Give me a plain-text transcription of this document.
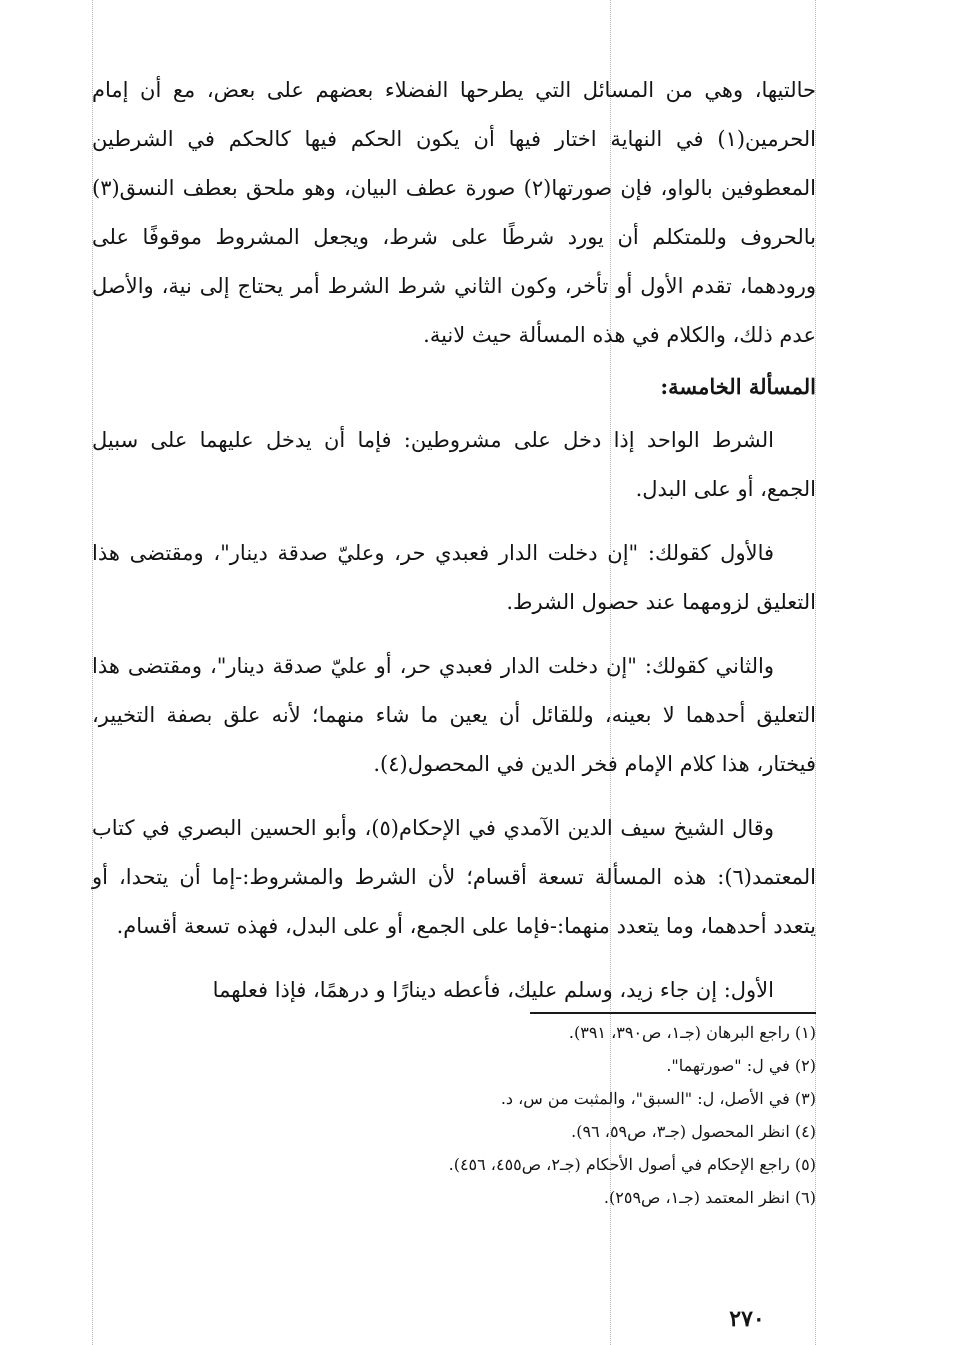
حالتيها، وهي من المسائل التي يطرحها الفضلاء بعضهم على بعض، مع أن إمام الحرمين(١) في النهاية اختار فيها أن يكون الحكم فيها كالحكم في الشرطين المعطوفين بالواو، فإن صورتها(٢) صورة عطف البيان، وهو ملحق بعطف النسق(٣) بالحروف وللمتكلم أن يورد شرطًا على شرط، ويجعل المشروط موقوفًا على ورودهما، تقدم الأول أو تأخر، وكون الثاني شرط الشرط أمر يحتاج إلى نية، والأصل عدم ذلك، والكلام في هذه المسألة حيث لانية.

المسألة الخامسة:

الشرط الواحد إذا دخل على مشروطين: فإما أن يدخل عليهما على سبيل الجمع، أو على البدل.

فالأول كقولك: "إن دخلت الدار فعبدي حر، وعليّ صدقة دينار"، ومقتضى هذا التعليق لزومهما عند حصول الشرط.

والثاني كقولك: "إن دخلت الدار فعبدي حر، أو عليّ صدقة دينار"، ومقتضى هذا التعليق أحدهما لا بعينه، وللقائل أن يعين ما شاء منهما؛ لأنه علق بصفة التخيير، فيختار، هذا كلام الإمام فخر الدين في المحصول(٤).

وقال الشيخ سيف الدين الآمدي في الإحكام(٥)، وأبو الحسين البصري في كتاب المعتمد(٦): هذه المسألة تسعة أقسام؛ لأن الشرط والمشروط:-إما أن يتحدا، أو يتعدد أحدهما، وما يتعدد منهما:-فإما على الجمع، أو على البدل، فهذه تسعة أقسام.

الأول: إن جاء زيد، وسلم عليك، فأعطه دينارًا و درهمًا، فإذا فعلهما

(١) راجع البرهان (جـ١، ص٣٩٠، ٣٩١).

(٢) في ل: "صورتهما".

(٣) في الأصل، ل: "السبق"، والمثبت من س، د.

(٤) انظر المحصول (جـ٣، ص٥٩، ٩٦).

(٥) راجع الإحكام في أصول الأحكام (جـ٢، ص٤٥٥، ٤٥٦).

(٦) انظر المعتمد (جـ١، ص٢٥٩).

٢٧٠
